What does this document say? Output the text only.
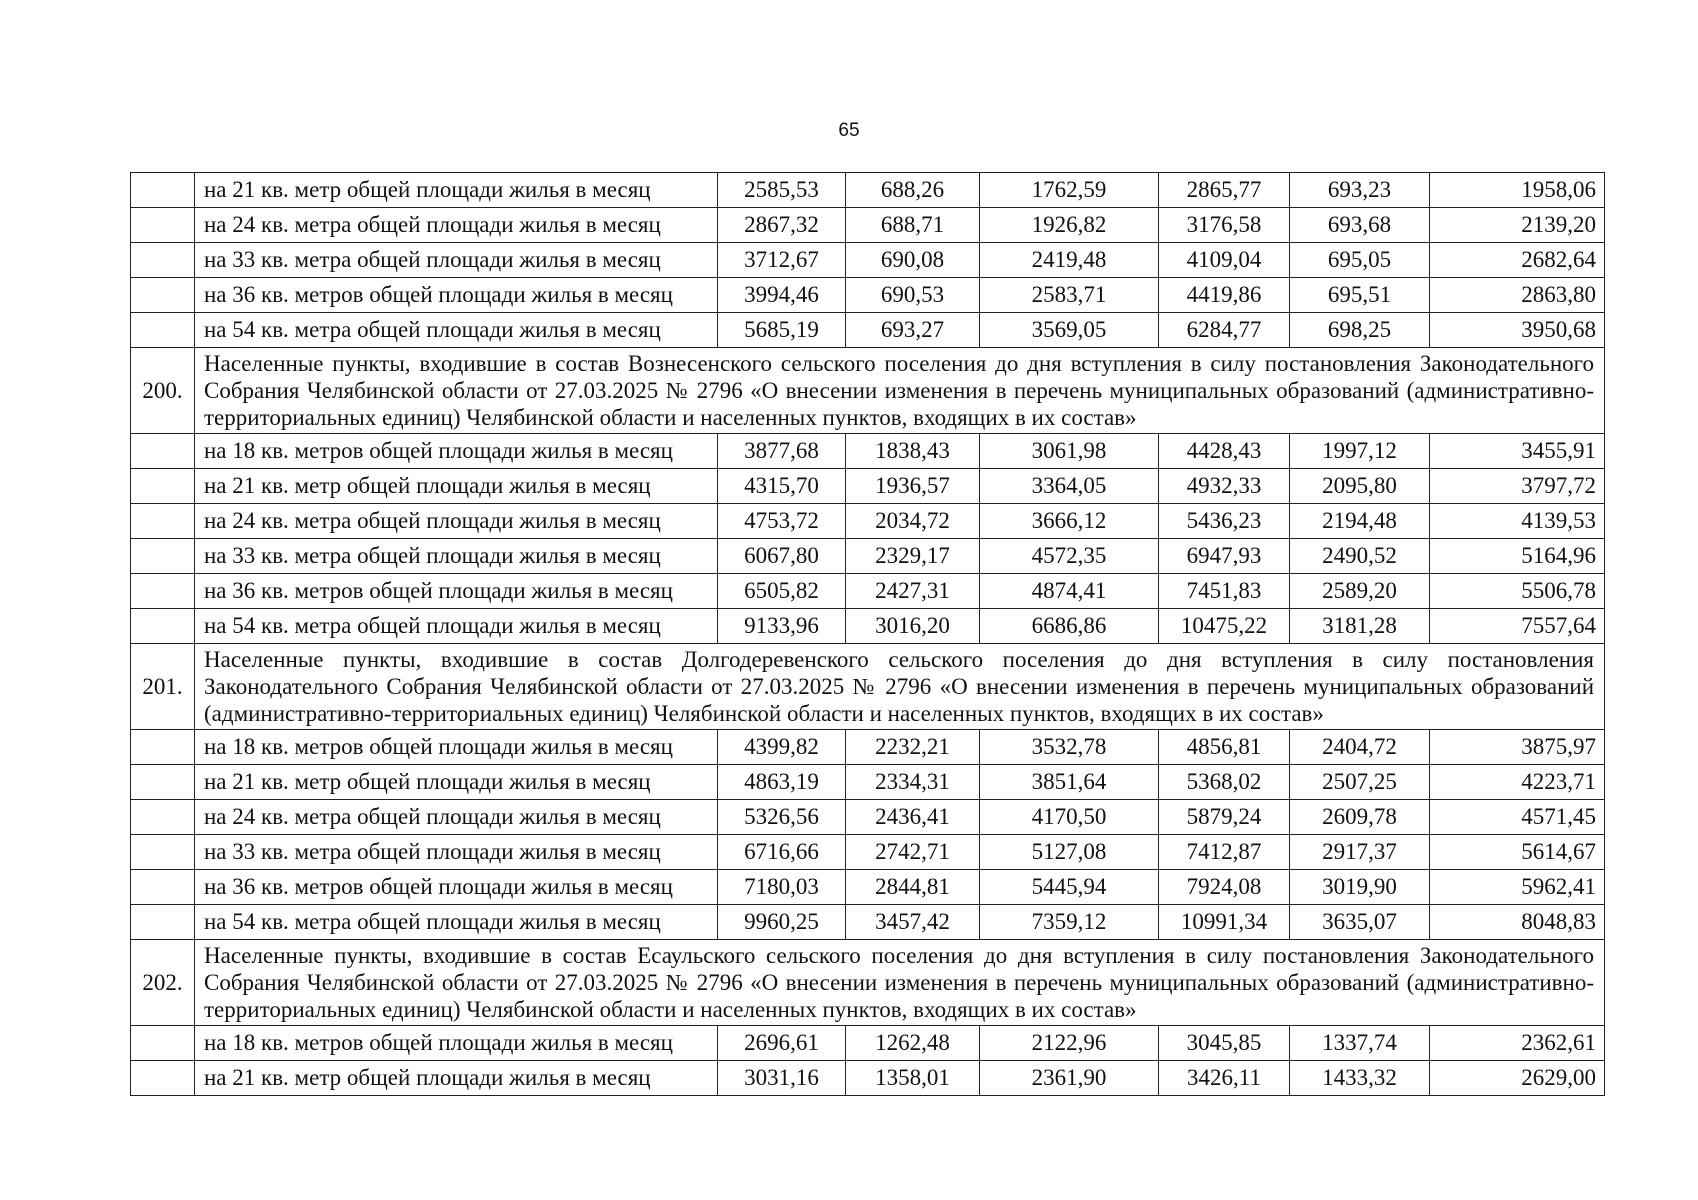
65
	на 21 кв. метр общей площади жилья в месяц	2585,53	688,26	1762,59	2865,77	693,23	1958,06
	на 24 кв. метра общей площади жилья в месяц	2867,32	688,71	1926,82	3176,58	693,68	2139,20
	на 33 кв. метра общей площади жилья в месяц	3712,67	690,08	2419,48	4109,04	695,05	2682,64
	на 36 кв. метров общей площади жилья в месяц	3994,46	690,53	2583,71	4419,86	695,51	2863,80
	на 54 кв. метра общей площади жилья в месяц	5685,19	693,27	3569,05	6284,77	698,25	3950,68
200.	Населенные пункты, входившие в состав Вознесенского сельского поселения до дня вступления в силу постановления Законодательного Собрания Челябинской области от 27.03.2025 № 2796 «О внесении изменения в перечень муниципальных образований (административно-территориальных единиц) Челябинской области и населенных пунктов, входящих в их состав»						
	на 18 кв. метров общей площади жилья в месяц	3877,68	1838,43	3061,98	4428,43	1997,12	3455,91
	на 21 кв. метр общей площади жилья в месяц	4315,70	1936,57	3364,05	4932,33	2095,80	3797,72
	на 24 кв. метра общей площади жилья в месяц	4753,72	2034,72	3666,12	5436,23	2194,48	4139,53
	на 33 кв. метра общей площади жилья в месяц	6067,80	2329,17	4572,35	6947,93	2490,52	5164,96
	на 36 кв. метров общей площади жилья в месяц	6505,82	2427,31	4874,41	7451,83	2589,20	5506,78
	на 54 кв. метра общей площади жилья в месяц	9133,96	3016,20	6686,86	10475,22	3181,28	7557,64
201.	Населенные пункты, входившие в состав Долгодеревенского сельского поселения до дня вступления в силу постановления Законодательного Собрания Челябинской области от 27.03.2025 № 2796 «О внесении изменения в перечень муниципальных образований (административно-территориальных единиц) Челябинской области и населенных пунктов, входящих в их состав»						
	на 18 кв. метров общей площади жилья в месяц	4399,82	2232,21	3532,78	4856,81	2404,72	3875,97
	на 21 кв. метр общей площади жилья в месяц	4863,19	2334,31	3851,64	5368,02	2507,25	4223,71
	на 24 кв. метра общей площади жилья в месяц	5326,56	2436,41	4170,50	5879,24	2609,78	4571,45
	на 33 кв. метра общей площади жилья в месяц	6716,66	2742,71	5127,08	7412,87	2917,37	5614,67
	на 36 кв. метров общей площади жилья в месяц	7180,03	2844,81	5445,94	7924,08	3019,90	5962,41
	на 54 кв. метра общей площади жилья в месяц	9960,25	3457,42	7359,12	10991,34	3635,07	8048,83
202.	Населенные пункты, входившие в состав Есаульского сельского поселения до дня вступления в силу постановления Законодательного Собрания Челябинской области от 27.03.2025 № 2796 «О внесении изменения в перечень муниципальных образований (административно-территориальных единиц) Челябинской области и населенных пунктов, входящих в их состав»						
	на 18 кв. метров общей площади жилья в месяц	2696,61	1262,48	2122,96	3045,85	1337,74	2362,61
	на 21 кв. метр общей площади жилья в месяц	3031,16	1358,01	2361,90	3426,11	1433,32	2629,00
